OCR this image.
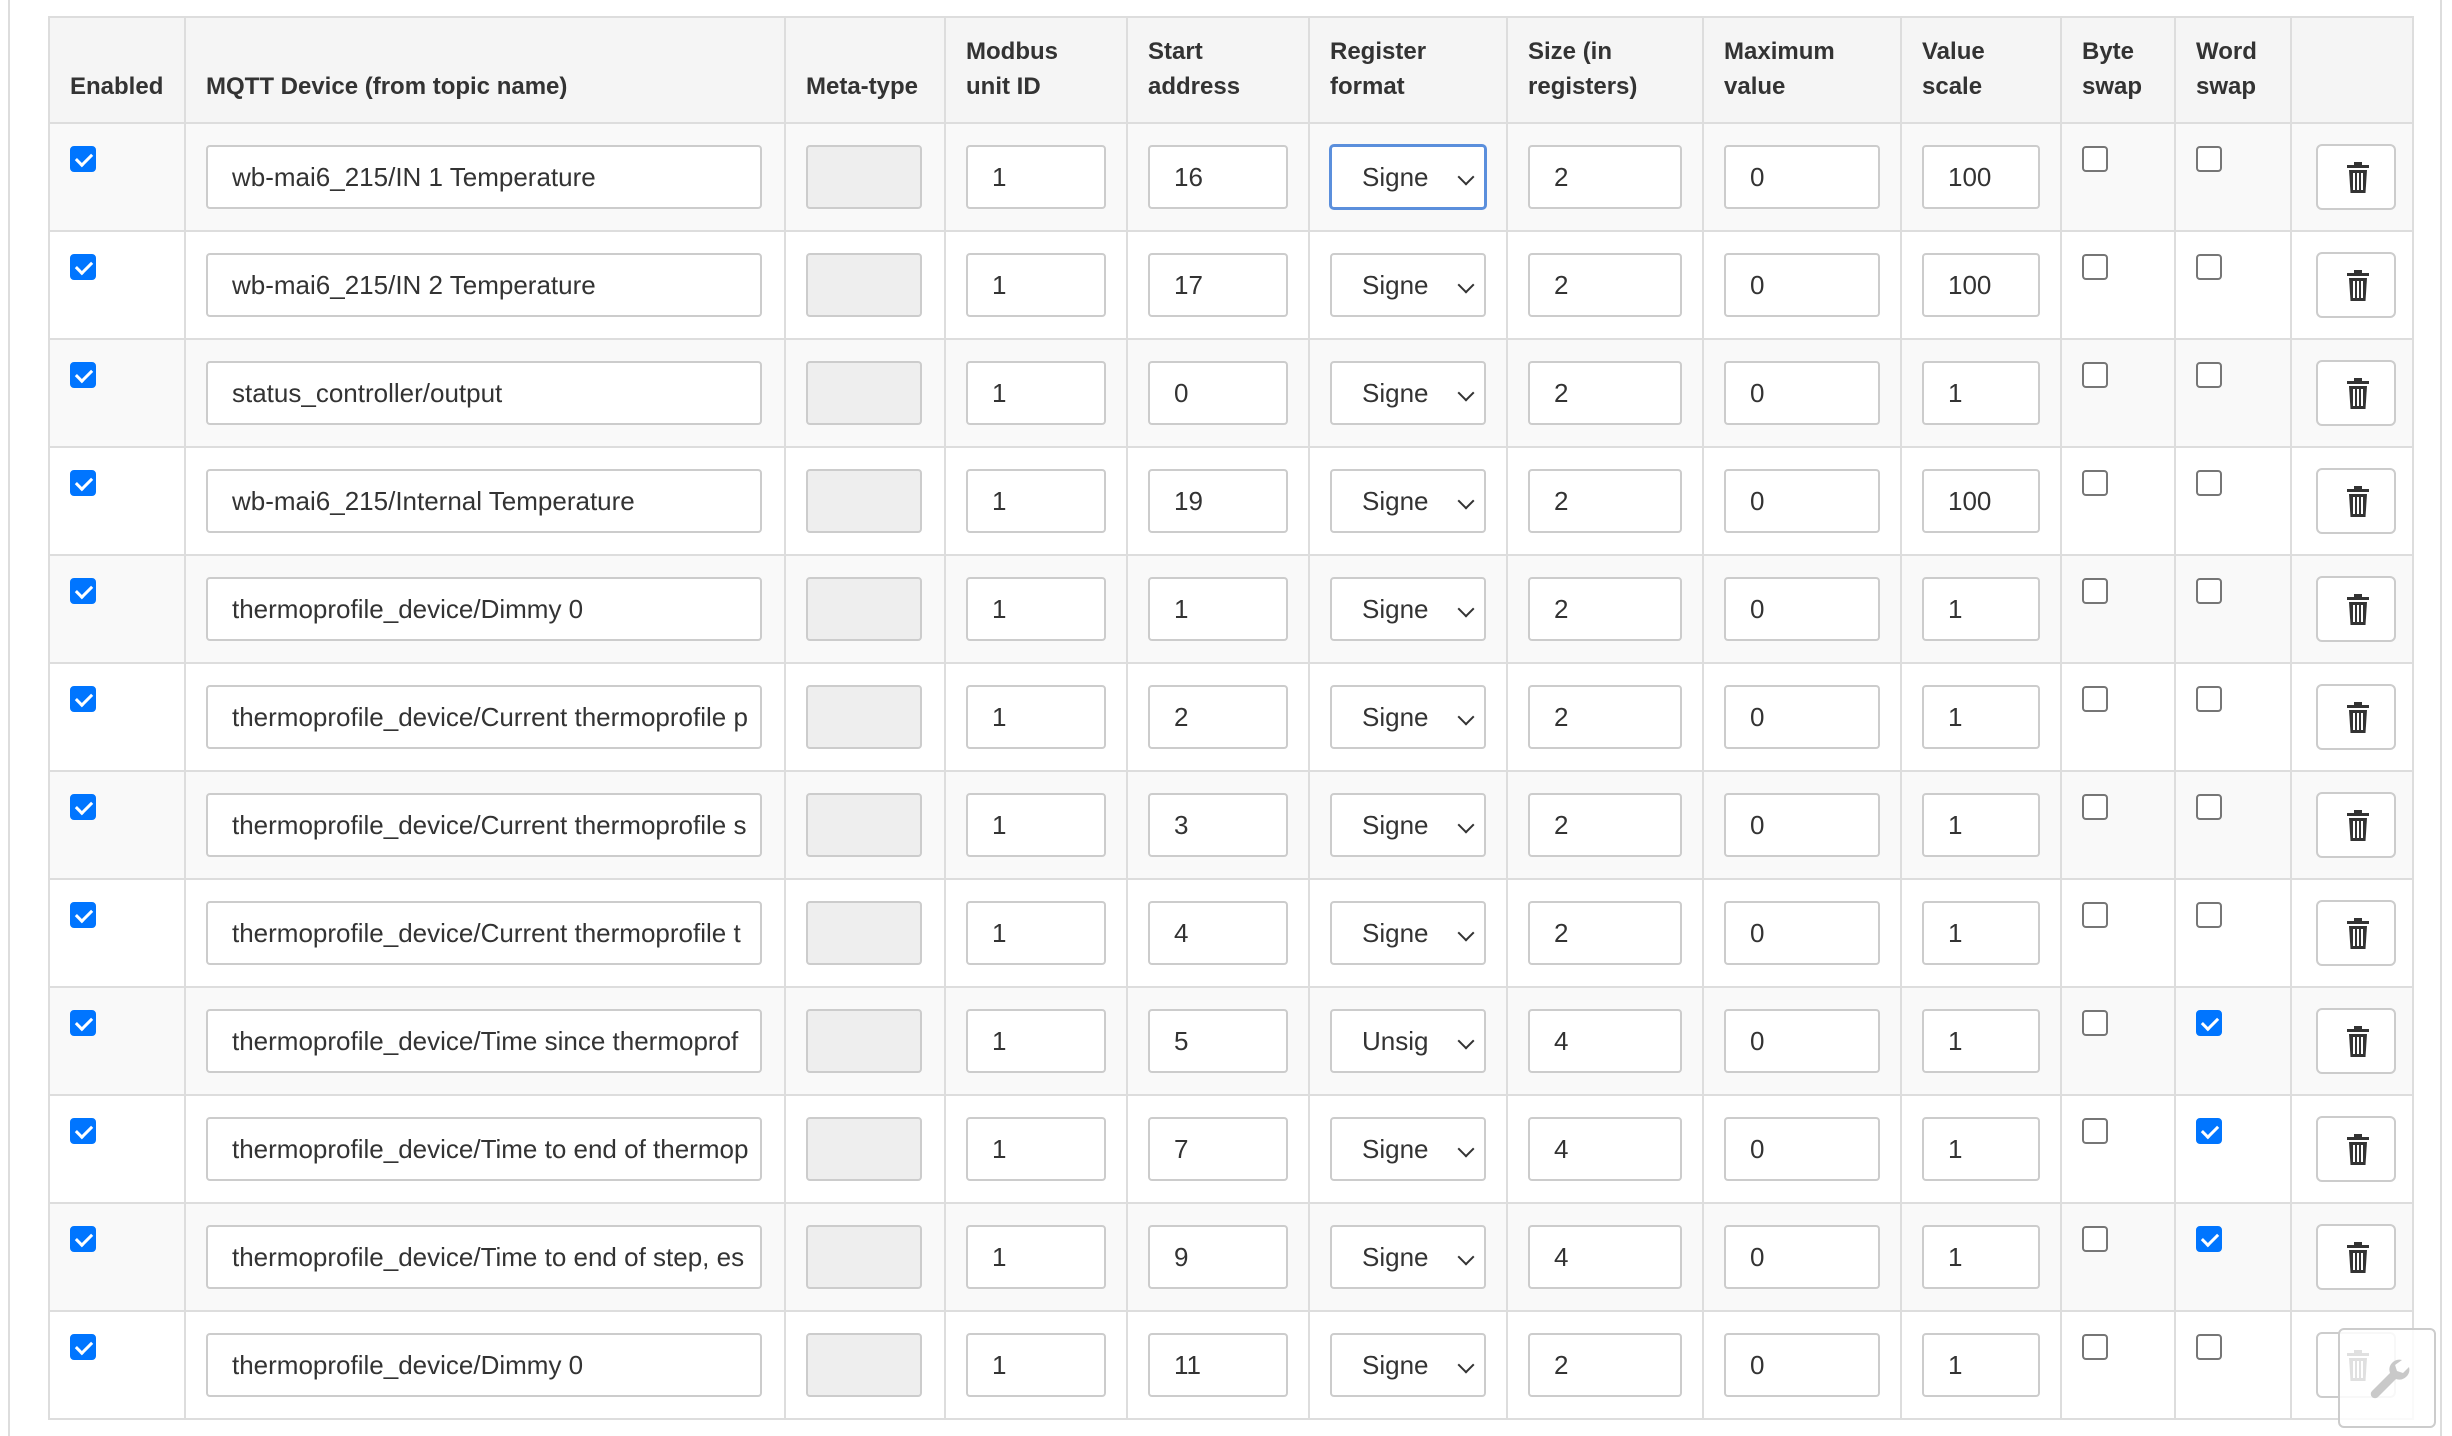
Enabled	MQTT Device (from topic name)	Meta-type	Modbus unit ID	Start address	Register format	Size (in registers)	Maximum value	Value scale	Byte swap	Word swap	

	wb-mai6_215/IN 1 Temperature		1	16	Signe	2	0	100

	wb-mai6_215/IN 2 Temperature		1	17	Signe	2	0	100

	status_controller/output		1	0	Signe	2	0	1

	wb-mai6_215/Internal Temperature		1	19	Signe	2	0	100

	thermoprofile_device/Dimmy 0		1	1	Signe	2	0	1

	thermoprofile_device/Current thermoprofile p		1	2	Signe	2	0	1

	thermoprofile_device/Current thermoprofile s		1	3	Signe	2	0	1

	thermoprofile_device/Current thermoprofile t		1	4	Signe	2	0	1

	thermoprofile_device/Time since thermoprof		1	5	Unsig	4	0	1

	thermoprofile_device/Time to end of thermop		1	7	Signe	4	0	1

	thermoprofile_device/Time to end of step, es		1	9	Signe	4	0	1

	thermoprofile_device/Dimmy 0		1	11	Signe	2	0	1
